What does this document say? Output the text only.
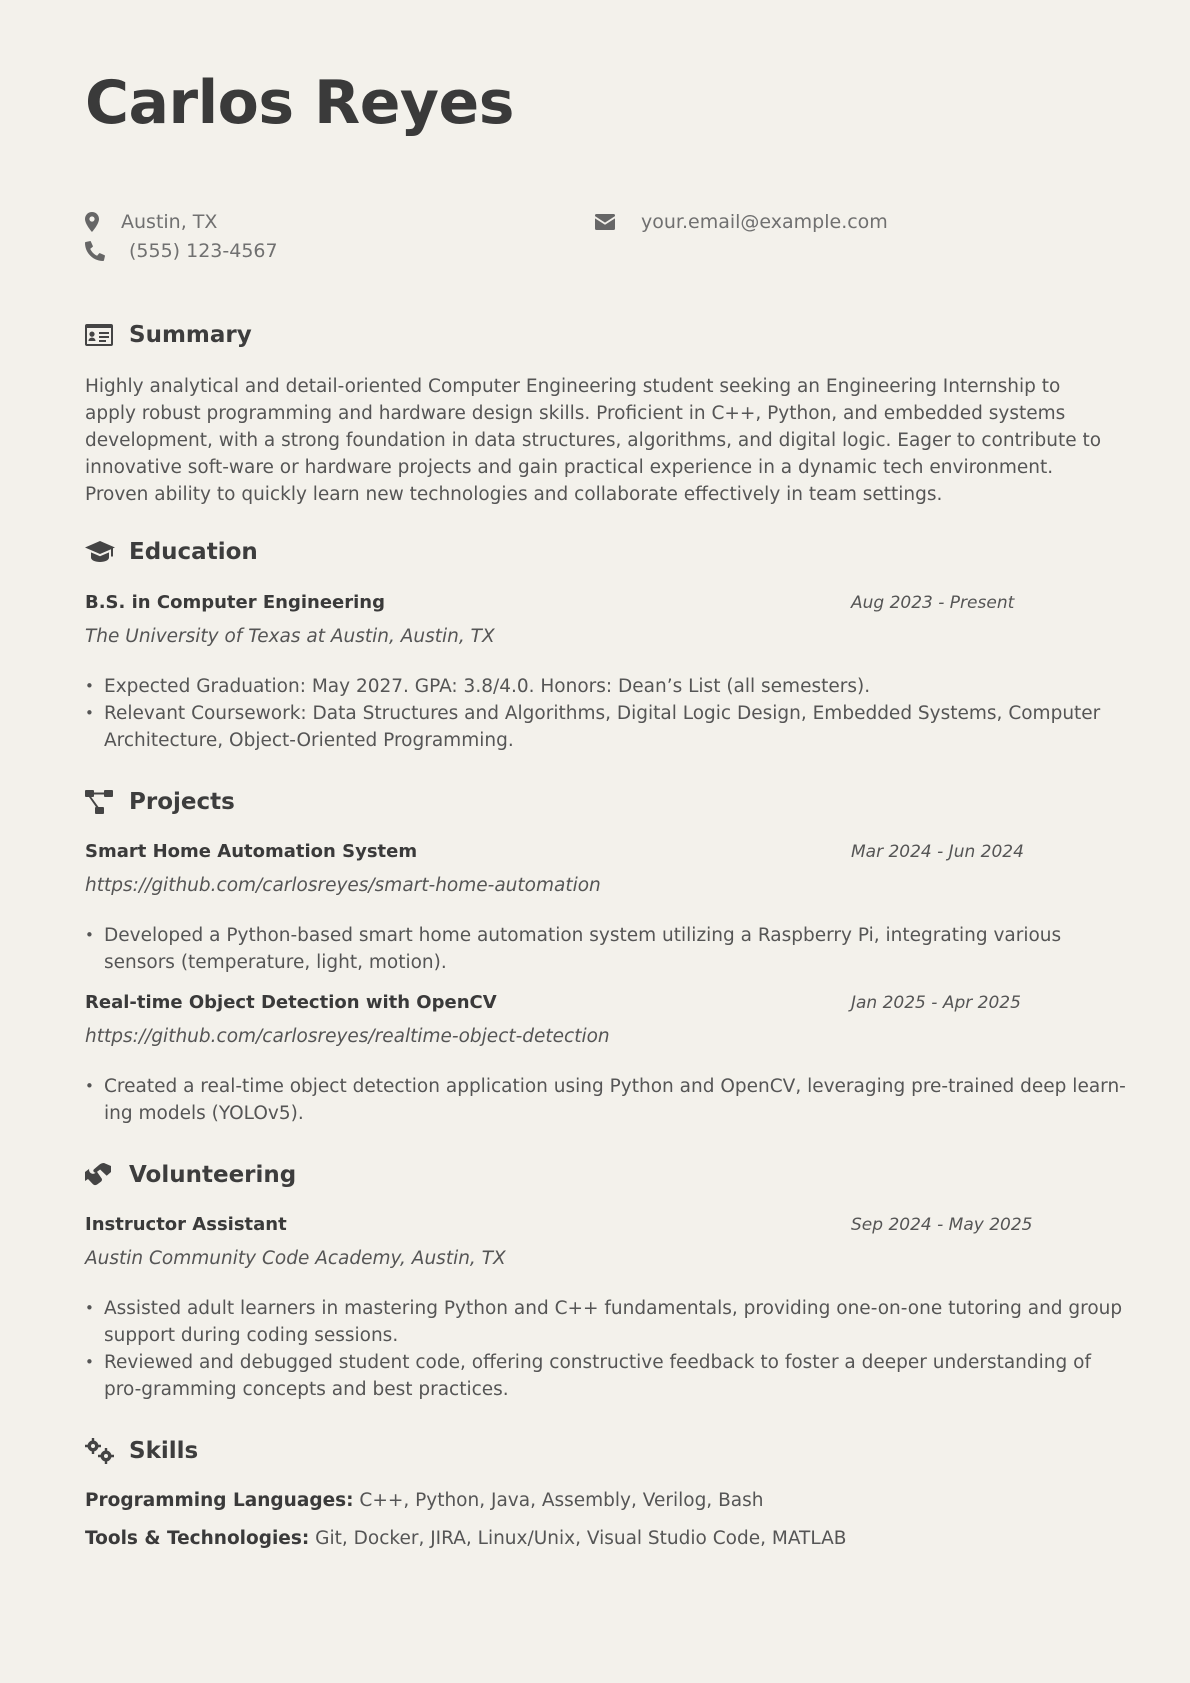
Carlos Reyes
Austin, TX
(555) 123-4567
your.email@example.com
Summary

Highly analytical and detail-oriented Computer Engineering student seeking an Engineering Internship to apply robust programming and hardware design skills. Proficient in C++, Python, and embedded systems development, with a strong foundation in data structures, algorithms, and digital logic. Eager to contribute to innovative soft-ware or hardware projects and gain practical experience in a dynamic tech environment. Proven ability to quickly learn new technologies and collaborate effectively in team settings.

Education
B.S. in Computer Engineering	Aug 2023 - Present
The University of Texas at Austin, Austin, TX
• Expected Graduation: May 2027. GPA: 3.8/4.0. Honors: Dean’s List (all semesters).
• Relevant Coursework: Data Structures and Algorithms, Digital Logic Design, Embedded Systems, Computer Architecture, Object-Oriented Programming.
Projects
Smart Home Automation System	Mar 2024 - Jun 2024
https://github.com/carlosreyes/smart-home-automation
• Developed a Python-based smart home automation system utilizing a Raspberry Pi, integrating various sensors (temperature, light, motion).
Real-time Object Detection with OpenCV	Jan 2025 - Apr 2025
https://github.com/carlosreyes/realtime-object-detection
• Created a real-time object detection application using Python and OpenCV, leveraging pre-trained deep learn-ing models (YOLOv5).
Volunteering
Instructor Assistant	Sep 2024 - May 2025
Austin Community Code Academy, Austin, TX
• Assisted adult learners in mastering Python and C++ fundamentals, providing one-on-one tutoring and group support during coding sessions.
• Reviewed and debugged student code, offering constructive feedback to foster a deeper understanding of pro-gramming concepts and best practices.
Skills
Programming Languages: C++, Python, Java, Assembly, Verilog, Bash
Tools & Technologies: Git, Docker, JIRA, Linux/Unix, Visual Studio Code, MATLAB
